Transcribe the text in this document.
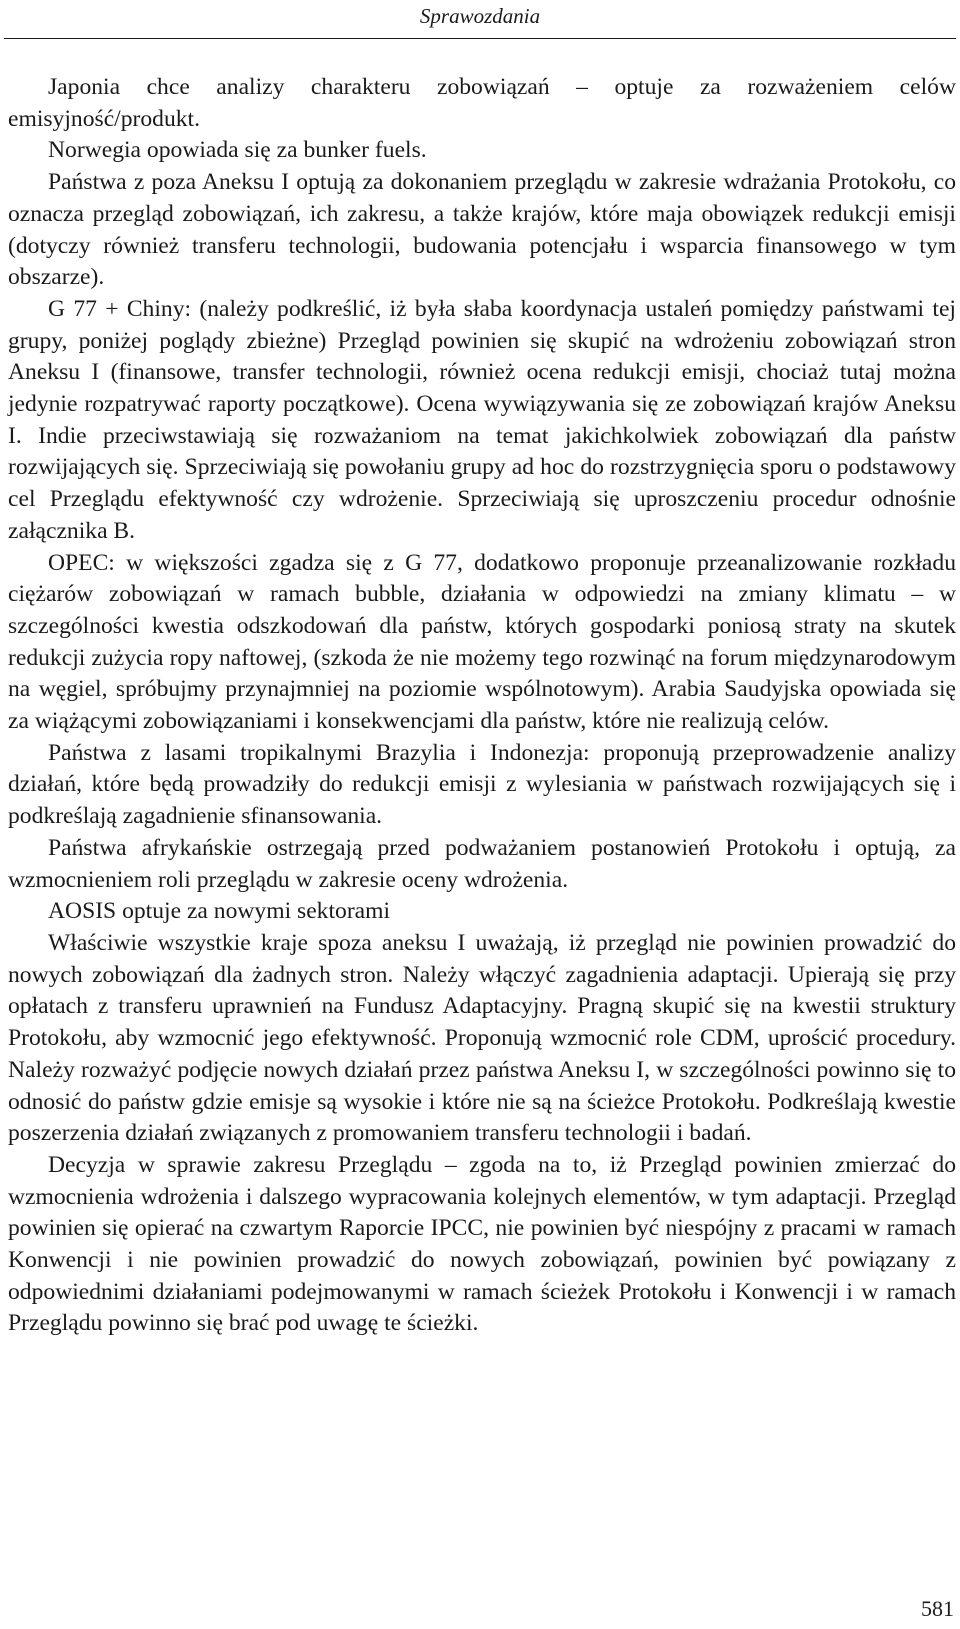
Sprawozdania

Japonia chce analizy charakteru zobowiązań – optuje za rozważeniem celów emisyjność/produkt.

Norwegia opowiada się za bunker fuels.

Państwa z poza Aneksu I optują za dokonaniem przeglądu w zakresie wdrażania Protokołu, co oznacza przegląd zobowiązań, ich zakresu, a także krajów, które maja obowiązek redukcji emisji (dotyczy również transferu technologii, budowania potencjału i wsparcia finansowego w tym obszarze).

G 77 + Chiny: (należy podkreślić, iż była słaba koordynacja ustaleń pomiędzy państwami tej grupy, poniżej poglądy zbieżne) Przegląd powinien się skupić na wdrożeniu zobowiązań stron Aneksu I (finansowe, transfer technologii, również ocena redukcji emisji, chociaż tutaj można jedynie rozpatrywać raporty początkowe). Ocena wywiązywania się ze zobowiązań krajów Aneksu I. Indie przeciwstawiają się rozważaniom na temat jakichkolwiek zobowiązań dla państw rozwijających się. Sprzeciwiają się powołaniu grupy ad hoc do rozstrzygnięcia sporu o podstawowy cel Przeglądu efektywność czy wdrożenie. Sprzeciwiają się uproszczeniu procedur odnośnie załącznika B.

OPEC: w większości zgadza się z G 77, dodatkowo proponuje przeanalizowanie rozkładu ciężarów zobowiązań w ramach bubble, działania w odpowiedzi na zmiany klimatu – w szczególności kwestia odszkodowań dla państw, których gospodarki poniosą straty na skutek redukcji zużycia ropy naftowej, (szkoda że nie możemy tego rozwinąć na forum międzynarodowym na węgiel, spróbujmy przynajmniej na poziomie wspólnotowym). Arabia Saudyjska opowiada się za wiążącymi zobowiązaniami i konsekwencjami dla państw, które nie realizują celów.

Państwa z lasami tropikalnymi Brazylia i Indonezja: proponują przeprowadzenie analizy działań, które będą prowadziły do redukcji emisji z wylesiania w państwach rozwijających się i podkreślają zagadnienie sfinansowania.

Państwa afrykańskie ostrzegają przed podważaniem postanowień Protokołu i optują, za wzmocnieniem roli przeglądu w zakresie oceny wdrożenia.

AOSIS optuje za nowymi sektorami

Właściwie wszystkie kraje spoza aneksu I uważają, iż przegląd nie powinien prowadzić do nowych zobowiązań dla żadnych stron. Należy włączyć zagadnienia adaptacji. Upierają się przy opłatach z transferu uprawnień na Fundusz Adaptacyjny. Pragną skupić się na kwestii struktury Protokołu, aby wzmocnić jego efektywność. Proponują wzmocnić role CDM, uprościć procedury. Należy rozważyć podjęcie nowych działań przez państwa Aneksu I, w szczególności powinno się to odnosić do państw gdzie emisje są wysokie i które nie są na ścieżce Protokołu. Podkreślają kwestie poszerzenia działań związanych z promowaniem transferu technologii i badań.

Decyzja w sprawie zakresu Przeglądu – zgoda na to, iż Przegląd powinien zmierzać do wzmocnienia wdrożenia i dalszego wypracowania kolejnych elementów, w tym adaptacji. Przegląd powinien się opierać na czwartym Raporcie IPCC, nie powinien być niespójny z pracami w ramach Konwencji i nie powinien prowadzić do nowych zobowiązań, powinien być powiązany z odpowiednimi działaniami podejmowanymi w ramach ścieżek Protokołu i Konwencji i w ramach Przeglądu powinno się brać pod uwagę te ścieżki.

581
